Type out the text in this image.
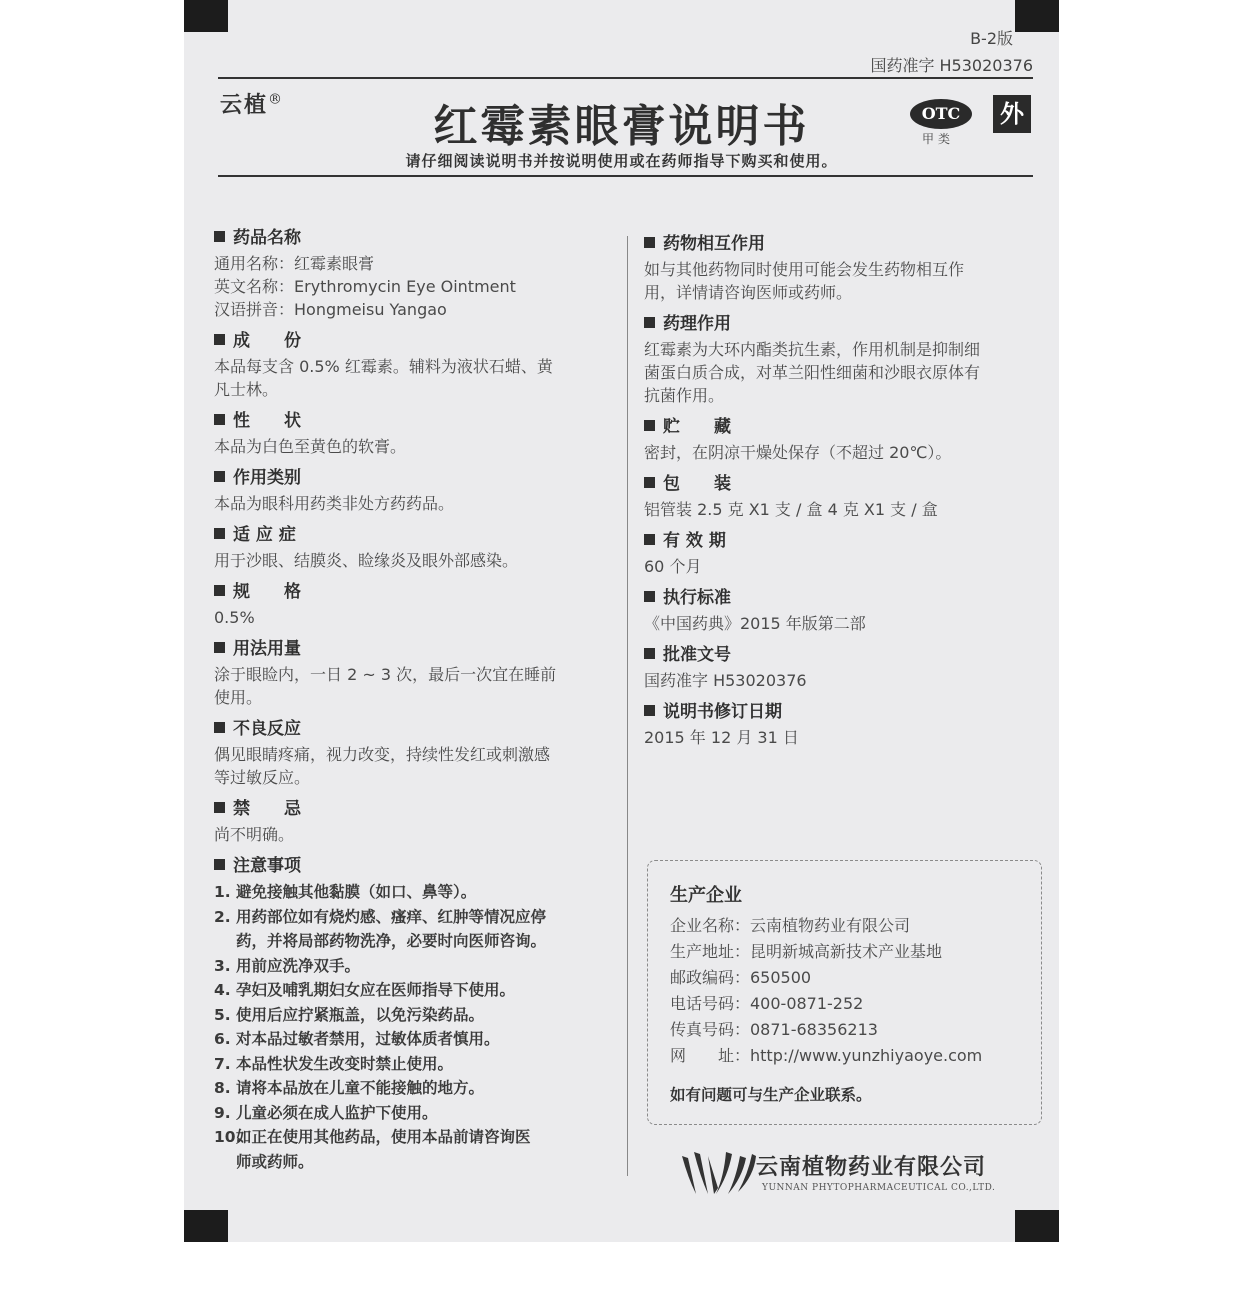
B-2版
国药准字 H53020376
云植®
红霉素眼膏说明书	OTC
甲类
外
请仔细阅读说明书并按说明使用或在药师指导下购买和使用。
药品名称
通用名称：红霉素眼膏
英文名称：Erythromycin Eye Ointment
汉语拼音：Hongmeisu Yangao
成　　份
本品每支含 0.5% 红霉素。辅料为液状石蜡、黄
凡士林。
性　　状
本品为白色至黄色的软膏。
作用类别
本品为眼科用药类非处方药药品。
适 应 症
用于沙眼、结膜炎、睑缘炎及眼外部感染。
规　　格
0.5%
用法用量
涂于眼睑内，一日 2 ~ 3 次，最后一次宜在睡前
使用。
不良反应
偶见眼睛疼痛，视力改变，持续性发红或刺激感
等过敏反应。
禁　　忌
尚不明确。
注意事项
1. 避免接触其他黏膜（如口、鼻等）。
2. 用药部位如有烧灼感、瘙痒、红肿等情况应停
药，并将局部药物洗净，必要时向医师咨询。
3. 用前应洗净双手。
4. 孕妇及哺乳期妇女应在医师指导下使用。
5. 使用后应拧紧瓶盖，以免污染药品。
6. 对本品过敏者禁用，过敏体质者慎用。
7. 本品性状发生改变时禁止使用。
8. 请将本品放在儿童不能接触的地方。
9. 儿童必须在成人监护下使用。
10.如正在使用其他药品，使用本品前请咨询医
师或药师。
药物相互作用
如与其他药物同时使用可能会发生药物相互作
用，详情请咨询医师或药师。
药理作用
红霉素为大环内酯类抗生素，作用机制是抑制细
菌蛋白质合成，对革兰阳性细菌和沙眼衣原体有
抗菌作用。
贮　　藏
密封，在阴凉干燥处保存（不超过 20℃）。
包　　装
铝管装 2.5 克 X1 支 / 盒 4 克 X1 支 / 盒
有 效 期
60 个月
执行标准
《中国药典》2015 年版第二部
批准文号
国药准字 H53020376
说明书修订日期
2015 年 12 月 31 日
生产企业
企业名称：云南植物药业有限公司
生产地址：昆明新城高新技术产业基地
邮政编码：650500
电话号码：400-0871-252
传真号码：0871-68356213
网　　址：http://www.yunzhiyaoye.com
如有问题可与生产企业联系。
云南植物药业有限公司
YUNNAN PHYTOPHARMACEUTICAL CO.,LTD.
